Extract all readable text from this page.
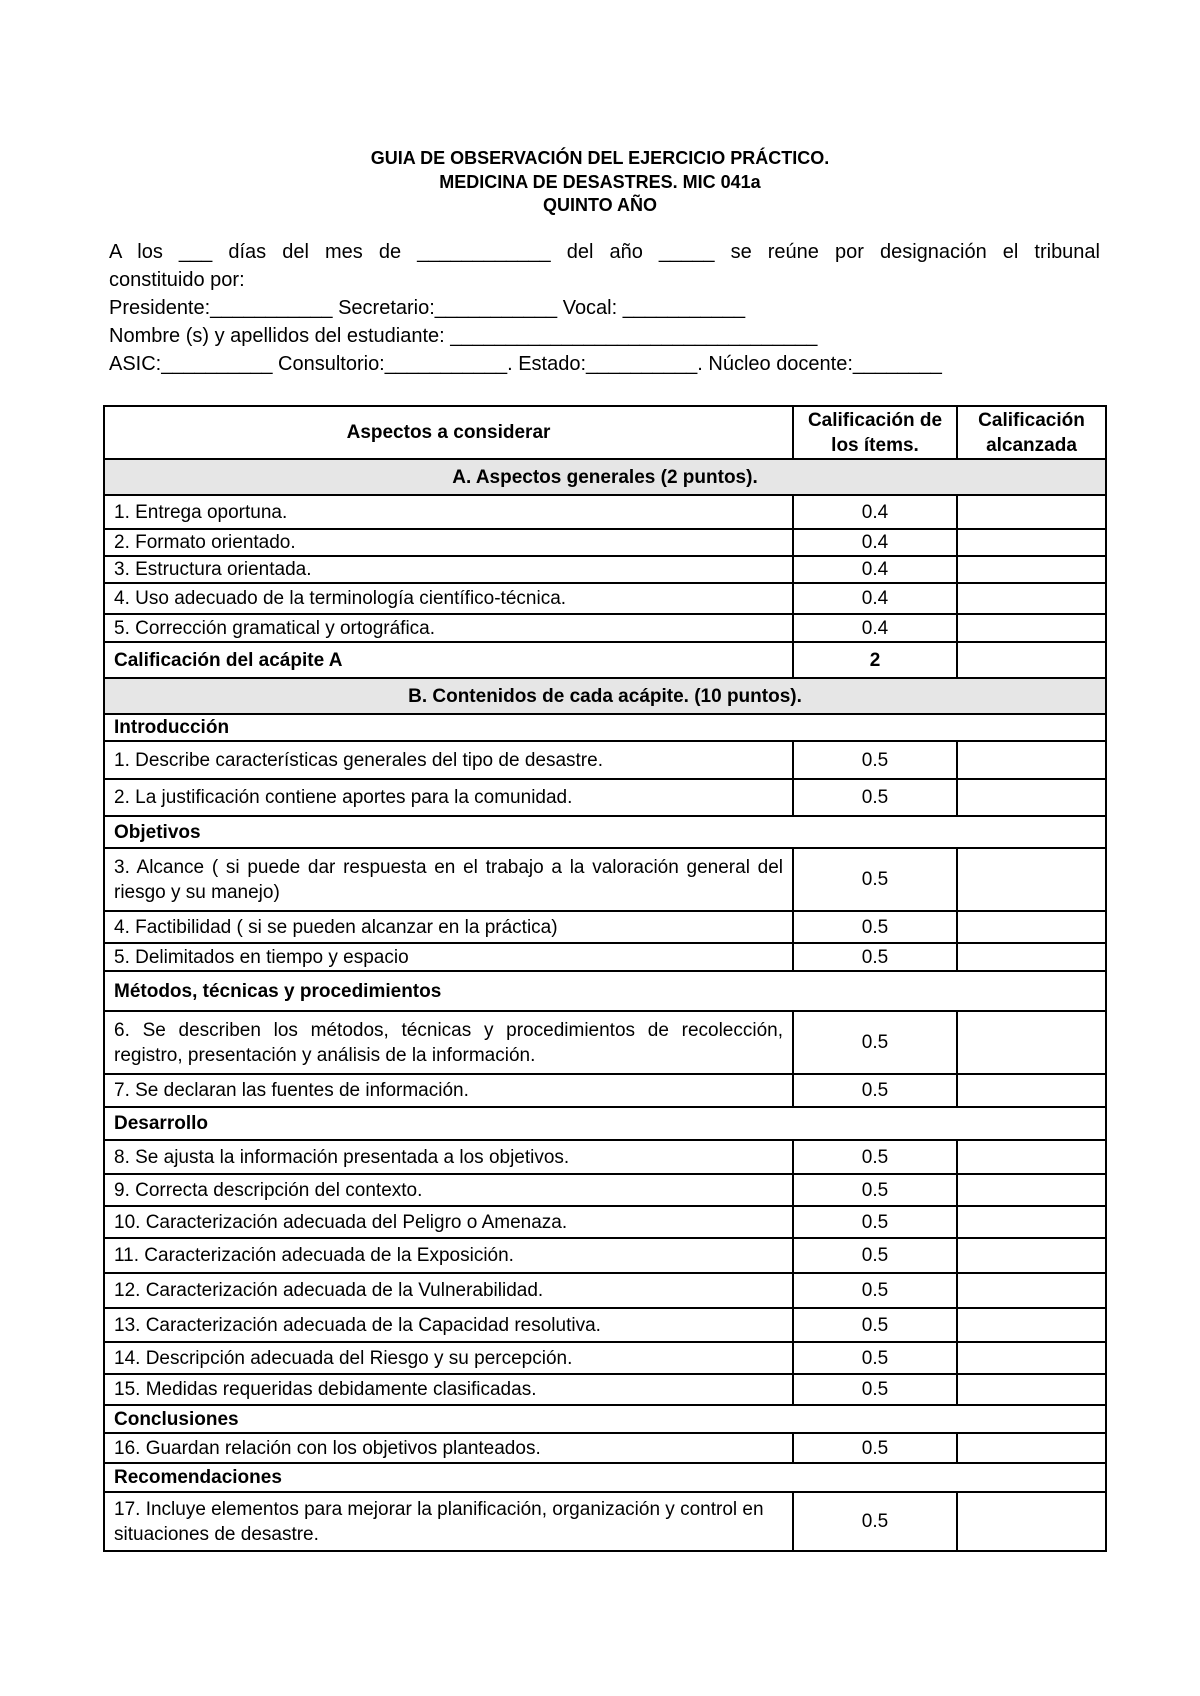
GUIA DE OBSERVACIÓN DEL EJERCICIO PRÁCTICO.
MEDICINA DE DESASTRES. MIC 041a
QUINTO AÑO

A los ___ días del mes de ____________ del año _____ se reúne por designación el tribunal

constituido por:

Presidente:___________ Secretario:___________ Vocal: ___________

Nombre (s) y apellidos del estudiante: _________________________________

ASIC:__________ Consultorio:___________. Estado:__________. Núcleo docente:________

Aspectos a considerar	Calificación de los ítems.	Calificación alcanzada
A. Aspectos generales (2 puntos).		
1. Entrega oportuna.	0.4	
2. Formato orientado.	0.4	
3. Estructura orientada.	0.4	
4. Uso adecuado de la terminología científico-técnica.	0.4	
5. Corrección gramatical y ortográfica.	0.4	
Calificación del acápite A	2	
B. Contenidos de cada acápite. (10 puntos).		
Introducción		
1. Describe características generales del tipo de desastre.	0.5	
2. La justificación contiene aportes para la comunidad.	0.5	
Objetivos		
3. Alcance ( si puede dar respuesta en el trabajo a la valoración general del riesgo y su manejo)	0.5	
4. Factibilidad ( si se pueden alcanzar en la práctica)	0.5	
5. Delimitados en tiempo y espacio	0.5	
Métodos, técnicas y procedimientos		
6. Se describen los métodos, técnicas y procedimientos de recolección, registro, presentación y análisis de la información.	0.5	
7. Se declaran las fuentes de información.	0.5	
Desarrollo		
8. Se ajusta la información presentada a los objetivos.	0.5	
9. Correcta descripción del contexto.	0.5	
10. Caracterización adecuada del Peligro o Amenaza.	0.5	
11. Caracterización adecuada de la Exposición.	0.5	
12. Caracterización adecuada de la Vulnerabilidad.	0.5	
13. Caracterización adecuada de la Capacidad resolutiva.	0.5	
14. Descripción adecuada del Riesgo y su percepción.	0.5	
15. Medidas requeridas debidamente clasificadas.	0.5	
Conclusiones		
16. Guardan relación con los objetivos planteados.	0.5	
Recomendaciones		
17. Incluye elementos para mejorar la planificación, organización y control en situaciones de desastre.	0.5	
